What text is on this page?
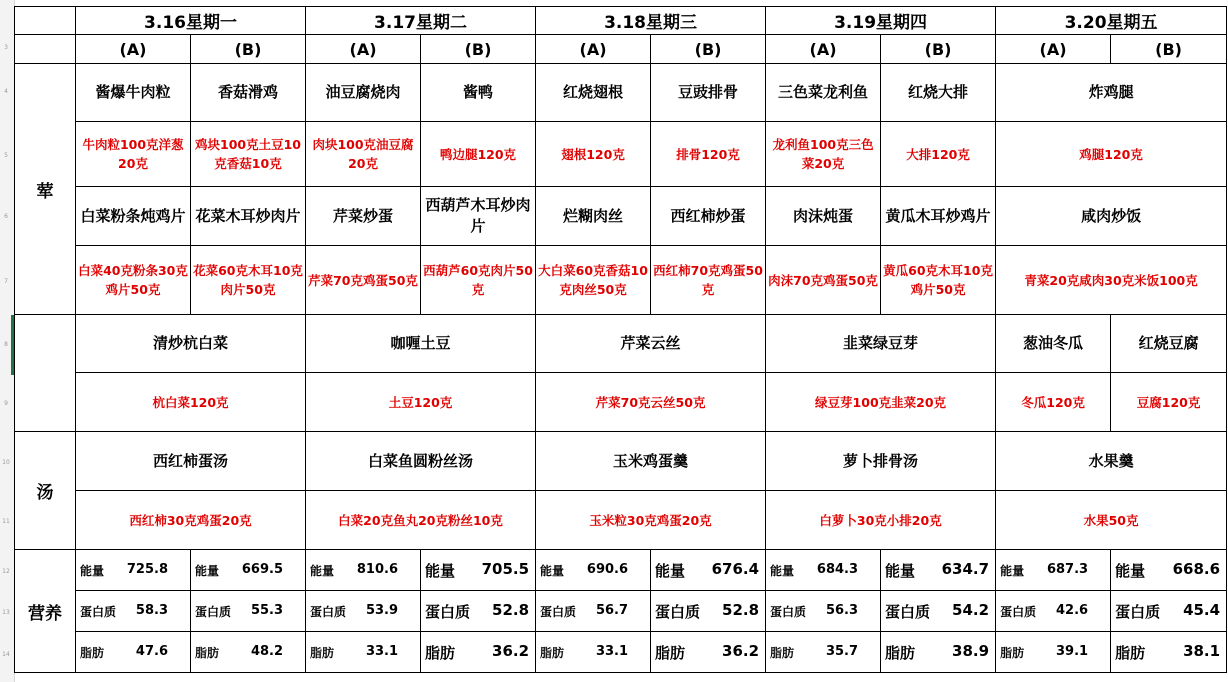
3
4
5
6
7
8
9
10
11
12
13
14
	3.16星期一		3.17星期二		3.18星期三		3.19星期四		3.20星期五	
	(A)	(B)	(A)	(B)	(A)	(B)	(A)	(B)	(A)	(B)
荤	酱爆牛肉粒	香菇滑鸡	油豆腐烧肉	酱鸭	红烧翅根	豆豉排骨	三色菜龙利鱼	红烧大排	炸鸡腿	
	牛肉粒100克洋葱20克	鸡块100克土豆10克香菇10克	肉块100克油豆腐20克	鸭边腿120克	翅根120克	排骨120克	龙利鱼100克三色菜20克	大排120克	鸡腿120克	
	白菜粉条炖鸡片	花菜木耳炒肉片	芹菜炒蛋	西葫芦木耳炒肉片	烂糊肉丝	西红柿炒蛋	肉沫炖蛋	黄瓜木耳炒鸡片	咸肉炒饭	
	白菜40克粉条30克鸡片50克	花菜60克木耳10克肉片50克	芹菜70克鸡蛋50克	西葫芦60克肉片50克	大白菜60克香菇10克肉丝50克	西红柿70克鸡蛋50克	肉沫70克鸡蛋50克	黄瓜60克木耳10克鸡片50克	青菜20克咸肉30克米饭100克	
	清炒杭白菜		咖喱土豆		芹菜云丝		韭菜绿豆芽		葱油冬瓜	红烧豆腐
	杭白菜120克		土豆120克		芹菜70克云丝50克		绿豆芽100克韭菜20克		冬瓜120克	豆腐120克
汤	西红柿蛋汤		白菜鱼圆粉丝汤		玉米鸡蛋羹		萝卜排骨汤		水果羹	
	西红柿30克鸡蛋20克		白菜20克鱼丸20克粉丝10克		玉米粒30克鸡蛋20克		白萝卜30克小排20克		水果50克	
营养	能量 725.8	能量 669.5	能量 810.6	能量 705.5	能量 690.6	能量 676.4	能量 684.3	能量 634.7	能量 687.3	能量 668.6

	蛋白质 58.3	蛋白质 55.3	蛋白质 53.9	蛋白质 52.8	蛋白质 56.7	蛋白质 52.8	蛋白质 56.3	蛋白质 54.2	蛋白质 42.6	蛋白质 45.4

	脂肪 47.6	脂肪 48.2	脂肪 33.1	脂肪 36.2	脂肪 33.1	脂肪 36.2	脂肪 35.7	脂肪 38.9	脂肪 39.1	脂肪 38.1
